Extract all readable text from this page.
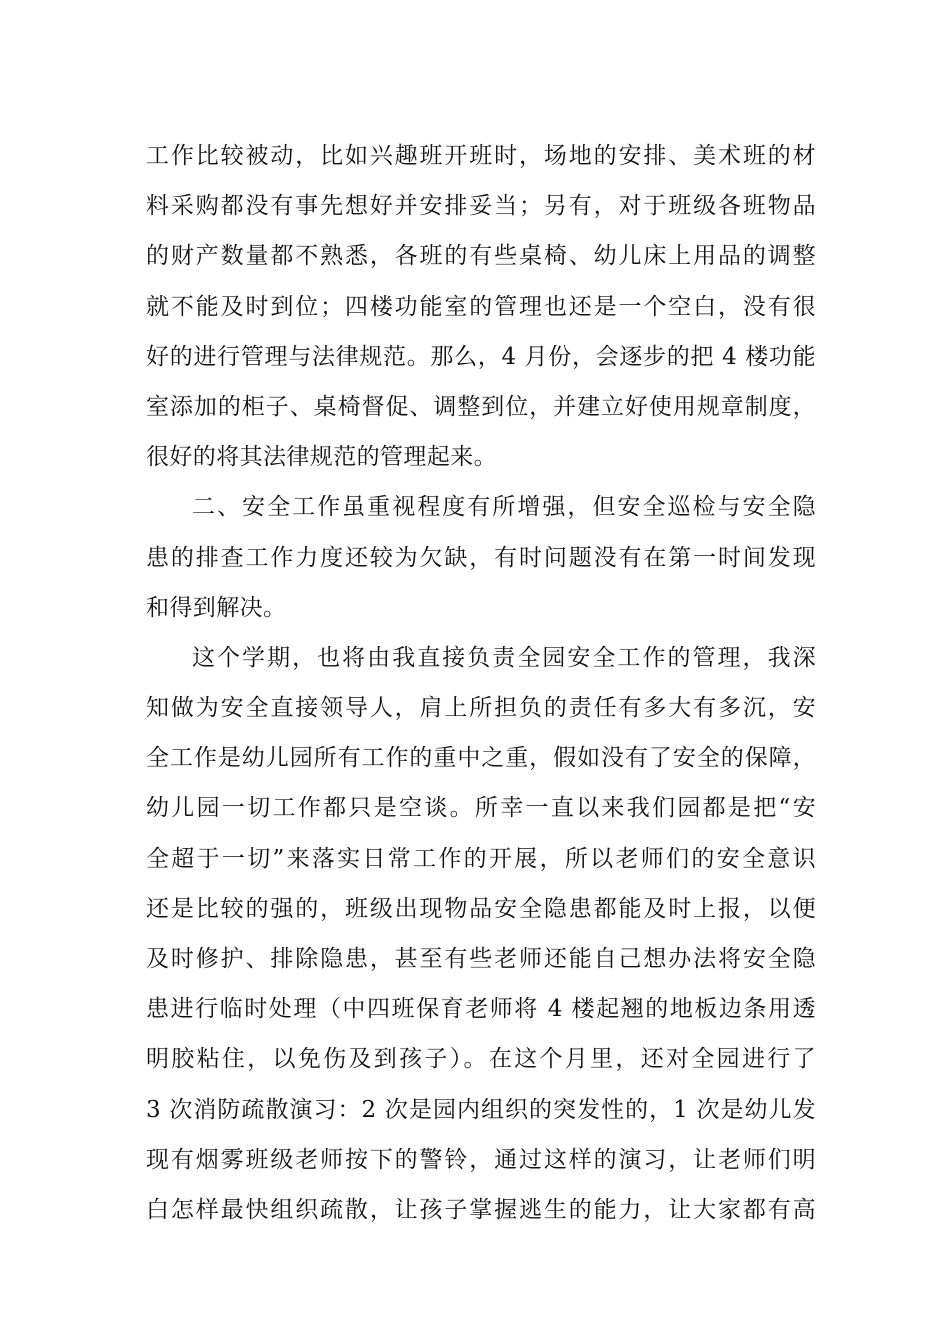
工作比较被动，比如兴趣班开班时，场地的安排、美术班的材
料采购都没有事先想好并安排妥当；另有，对于班级各班物品
的财产数量都不熟悉，各班的有些桌椅、幼儿床上用品的调整
就不能及时到位；四楼功能室的管理也还是一个空白，没有很
好的进行管理与法律规范。那么，4 月份，会逐步的把 4 楼功能
室添加的柜子、桌椅督促、调整到位，并建立好使用规章制度，
很好的将其法律规范的管理起来。
二、安全工作虽重视程度有所增强，但安全巡检与安全隐
患的排查工作力度还较为欠缺，有时问题没有在第一时间发现
和得到解决。
这个学期，也将由我直接负责全园安全工作的管理，我深
知做为安全直接领导人，肩上所担负的责任有多大有多沉，安
全工作是幼儿园所有工作的重中之重，假如没有了安全的保障，
幼儿园一切工作都只是空谈。所幸一直以来我们园都是把“安
全超于一切”来落实日常工作的开展，所以老师们的安全意识
还是比较的强的，班级出现物品安全隐患都能及时上报，以便
及时修护、排除隐患，甚至有些老师还能自己想办法将安全隐
患进行临时处理（中四班保育老师将 4 楼起翘的地板边条用透
明胶粘住，以免伤及到孩子）。在这个月里，还对全园进行了
3 次消防疏散演习：2 次是园内组织的突发性的，1 次是幼儿发
现有烟雾班级老师按下的警铃，通过这样的演习，让老师们明
白怎样最快组织疏散，让孩子掌握逃生的能力，让大家都有高
